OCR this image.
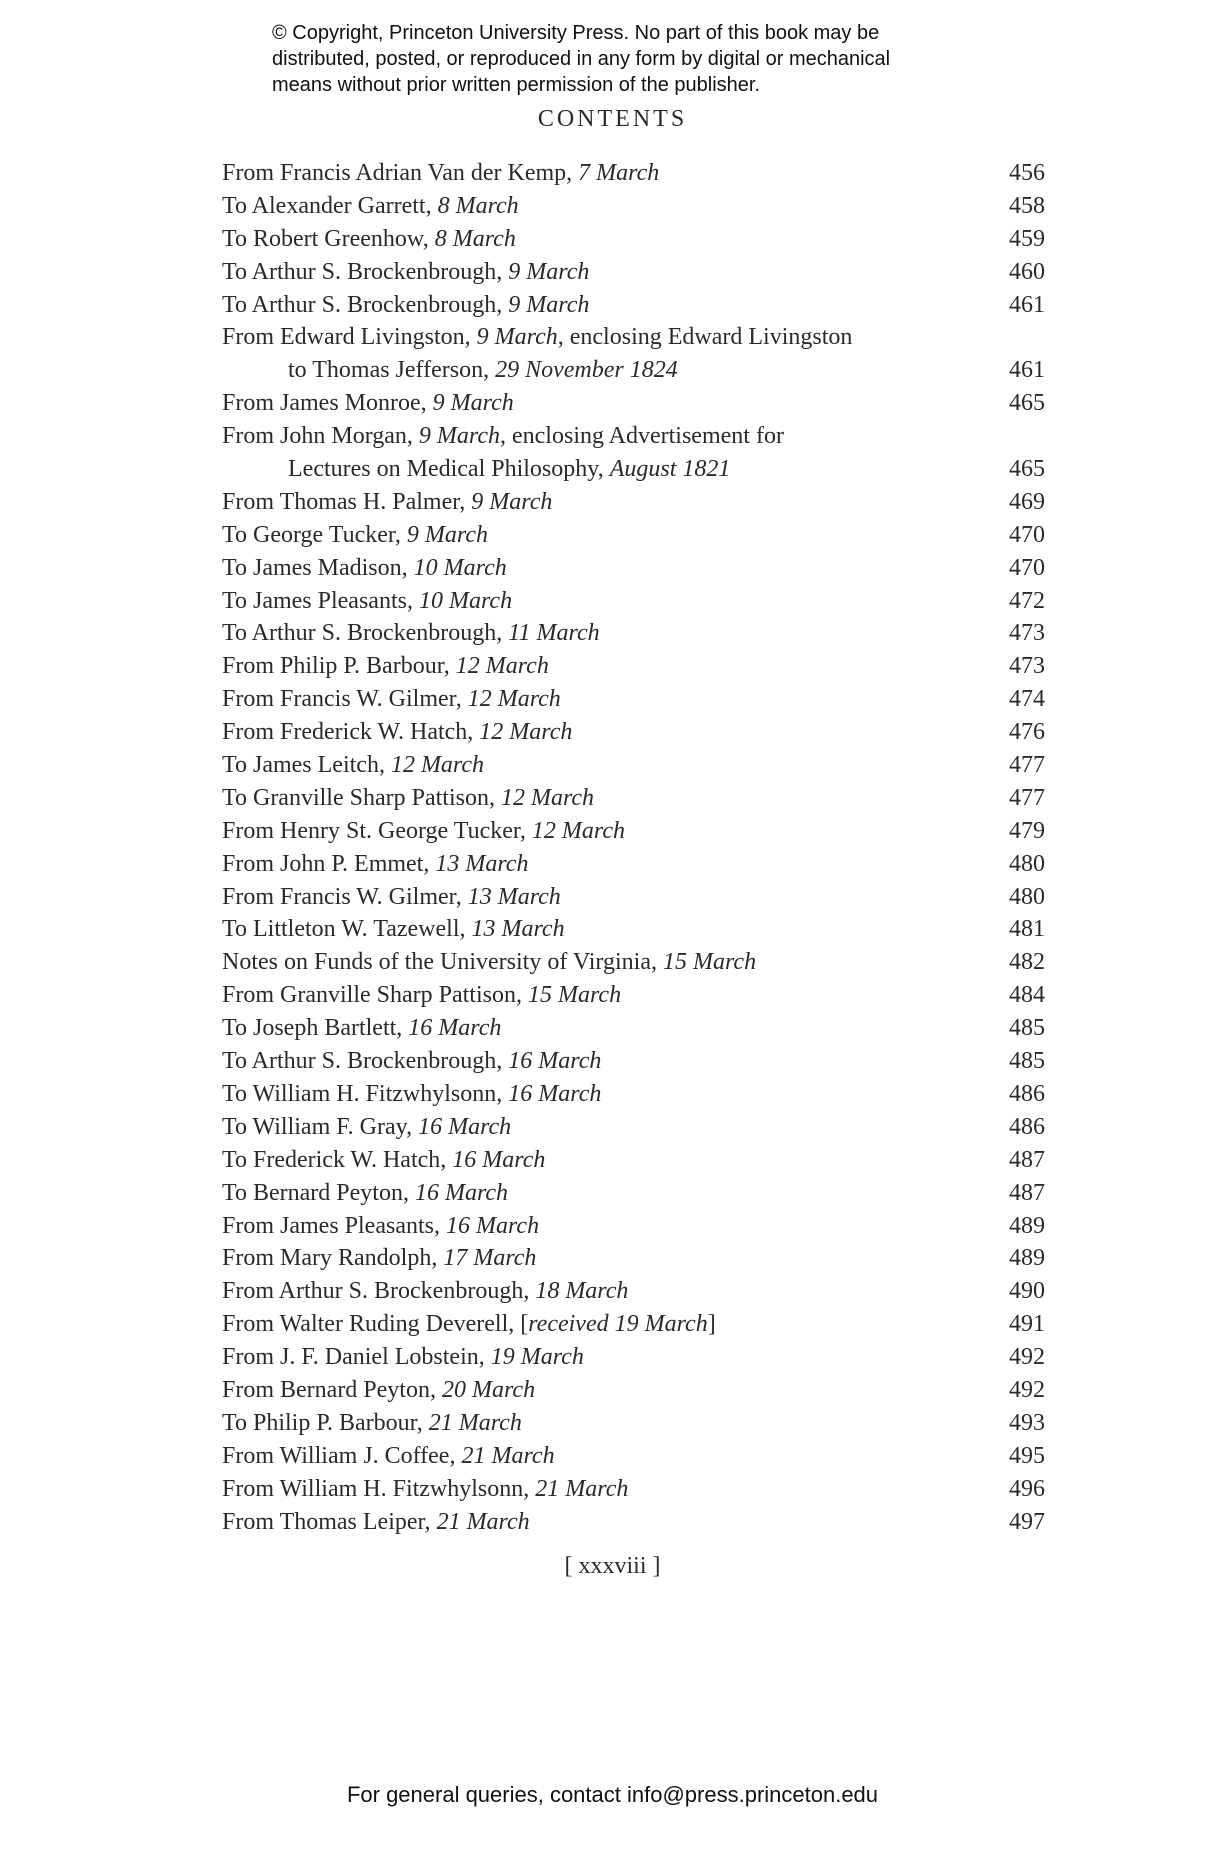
© Copyright, Princeton University Press. No part of this book may be
distributed, posted, or reproduced in any form by digital or mechanical
means without prior written permission of the publisher.
CONTENTS
From Francis Adrian Van der Kemp, 7 March	456
To Alexander Garrett, 8 March	458
To Robert Greenhow, 8 March	459
To Arthur S. Brockenbrough, 9 March	460
To Arthur S. Brockenbrough, 9 March	461
From Edward Livingston, 9 March, enclosing Edward Livingston
to Thomas Jefferson, 29 November 1824	461
From James Monroe, 9 March	465
From John Morgan, 9 March, enclosing Advertisement for
Lectures on Medical Philosophy, August 1821	465
From Thomas H. Palmer, 9 March	469
To George Tucker, 9 March	470
To James Madison, 10 March	470
To James Pleasants, 10 March	472
To Arthur S. Brockenbrough, 11 March	473
From Philip P. Barbour, 12 March	473
From Francis W. Gilmer, 12 March	474
From Frederick W. Hatch, 12 March	476
To James Leitch, 12 March	477
To Granville Sharp Pattison, 12 March	477
From Henry St. George Tucker, 12 March	479
From John P. Emmet, 13 March	480
From Francis W. Gilmer, 13 March	480
To Littleton W. Tazewell, 13 March	481
Notes on Funds of the University of Virginia, 15 March	482
From Granville Sharp Pattison, 15 March	484
To Joseph Bartlett, 16 March	485
To Arthur S. Brockenbrough, 16 March	485
To William H. Fitzwhylsonn, 16 March	486
To William F. Gray, 16 March	486
To Frederick W. Hatch, 16 March	487
To Bernard Peyton, 16 March	487
From James Pleasants, 16 March	489
From Mary Randolph, 17 March	489
From Arthur S. Brockenbrough, 18 March	490
From Walter Ruding Deverell, [received 19 March]	491
From J. F. Daniel Lobstein, 19 March	492
From Bernard Peyton, 20 March	492
To Philip P. Barbour, 21 March	493
From William J. Coffee, 21 March	495
From William H. Fitzwhylsonn, 21 March	496
From Thomas Leiper, 21 March	497
[ xxxviii ]
For general queries, contact info@press.princeton.edu
